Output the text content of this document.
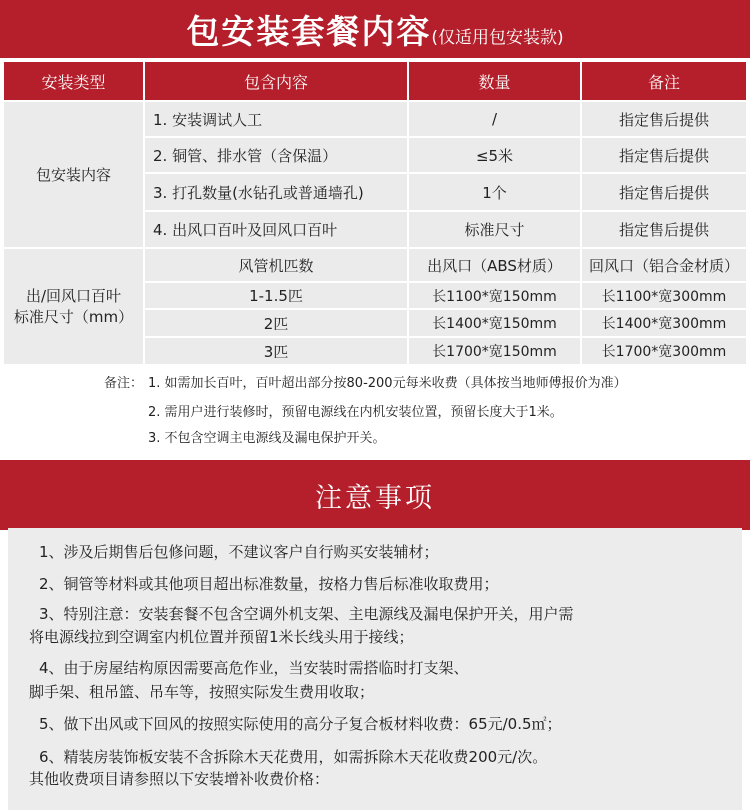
包安装套餐内容(仅适用包安装款)
安装类型	包含内容	数量	备注
包安装内容
1. 安装调试人工	/	指定售后提供
2. 铜管、排水管（含保温）	≤5米	指定售后提供
3. 打孔数量(水钻孔或普通墙孔)	1个	指定售后提供
4. 出风口百叶及回风口百叶	标准尺寸	指定售后提供
出/回风口百叶
标准尺寸（mm）
风管机匹数	出风口（ABS材质）	回风口（铝合金材质）
1-1.5匹	长1100*宽150mm	长1100*宽300mm
2匹	长1400*宽150mm	长1400*宽300mm
3匹	长1700*宽150mm	长1700*宽300mm
备注： 1. 如需加长百叶，百叶超出部分按80-200元每米收费（具体按当地师傅报价为准）
2. 需用户进行装修时，预留电源线在内机安装位置，预留长度大于1米。
3. 不包含空调主电源线及漏电保护开关。
注意事项
1、涉及后期售后包修问题，不建议客户自行购买安装辅材；
2、铜管等材料或其他项目超出标准数量，按格力售后标准收取费用；
3、特别注意：安装套餐不包含空调外机支架、主电源线及漏电保护开关，用户需
将电源线拉到空调室内机位置并预留1米长线头用于接线；
4、由于房屋结构原因需要高危作业，当安装时需搭临时打支架、
脚手架、租吊篮、吊车等，按照实际发生费用收取；
5、做下出风或下回风的按照实际使用的高分子复合板材料收费：65元/0.5㎡；
6、精装房装饰板安装不含拆除木天花费用，如需拆除木天花收费200元/次。
其他收费项目请参照以下安装增补收费价格：
